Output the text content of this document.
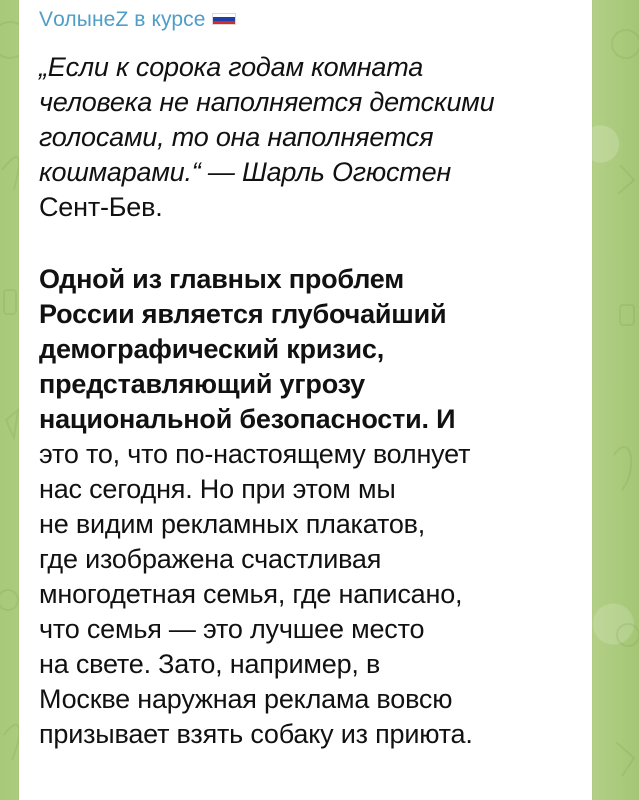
VолынеZ в курсе

„Если к сорока годам комната
человека не наполняется детскими
голосами, то она наполняется
кошмарами.“ — Шарль Огюстен
Сент-Бев.

Одной из главных проблем
России является глубочайший
демографический кризис,
представляющий угрозу
национальной безопасности. И
это то, что по-настоящему волнует
нас сегодня. Но при этом мы
не видим рекламных плакатов,
где изображена счастливая
многодетная семья, где написано,
что семья — это лучшее место
на свете. Зато, например, в
Москве наружная реклама вовсю
призывает взять собаку из приюта.
